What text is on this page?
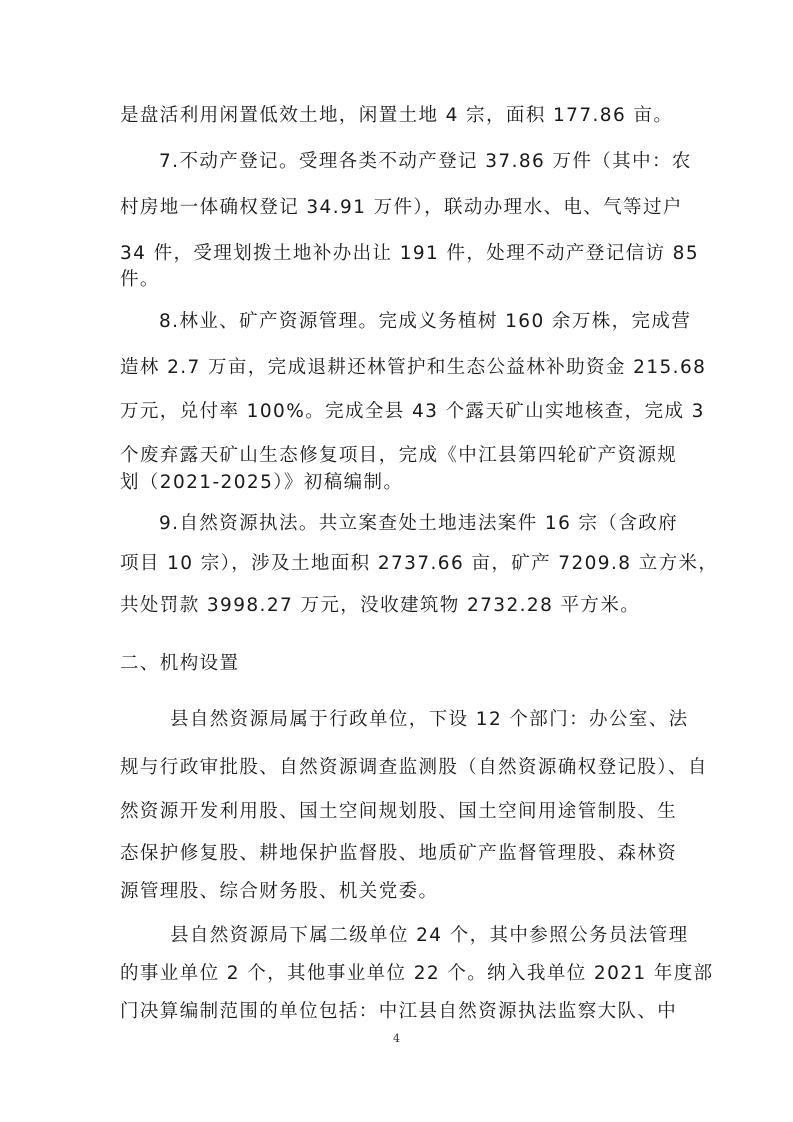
是盘活利用闲置低效土地，闲置土地 4 宗，面积 177.86 亩。
7.不动产登记。受理各类不动产登记 37.86 万件（其中：农
村房地一体确权登记 34.91 万件），联动办理水、电、气等过户
34 件，受理划拨土地补办出让 191 件，处理不动产登记信访 85
件。
8.林业、矿产资源管理。完成义务植树 160 余万株，完成营
造林 2.7 万亩，完成退耕还林管护和生态公益林补助资金 215.68
万元，兑付率 100%。完成全县 43 个露天矿山实地核查，完成 3
个废弃露天矿山生态修复项目，完成《中江县第四轮矿产资源规
划（2021-2025）》初稿编制。
9.自然资源执法。共立案查处土地违法案件 16 宗（含政府
项目 10 宗），涉及土地面积 2737.66 亩，矿产 7209.8 立方米，
共处罚款 3998.27 万元，没收建筑物 2732.28 平方米。
二、机构设置
县自然资源局属于行政单位，下设 12 个部门：办公室、法
规与行政审批股、自然资源调查监测股（自然资源确权登记股）、自
然资源开发利用股、国土空间规划股、国土空间用途管制股、生
态保护修复股、耕地保护监督股、地质矿产监督管理股、森林资
源管理股、综合财务股、机关党委。
县自然资源局下属二级单位 24 个，其中参照公务员法管理
的事业单位 2 个，其他事业单位 22 个。纳入我单位 2021 年度部
门决算编制范围的单位包括：中江县自然资源执法监察大队、中
4
